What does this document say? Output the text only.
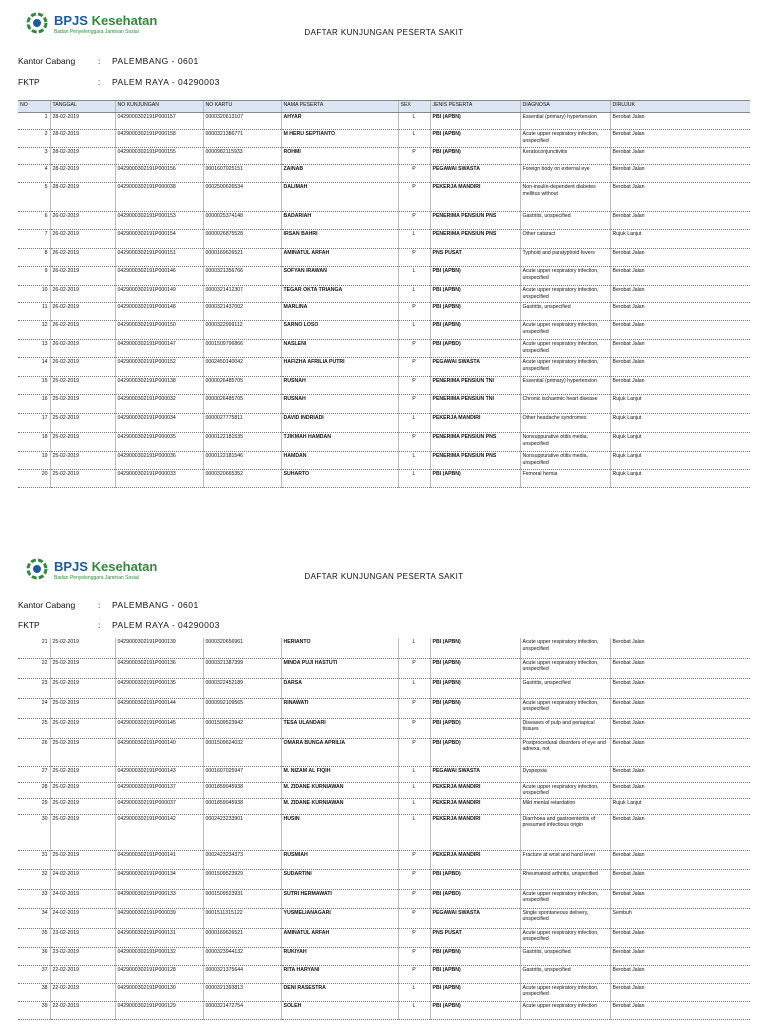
BPJS Kesehatan
Badan Penyelenggara Jaminan Sosial	DAFTAR KUNJUNGAN PESERTA SAKIT
Kantor Cabang	: PALEMBANG - 0601
FKTP	: PALEM RAYA - 04290003
NO	TANGGAL	NO KUNJUNGAN	NO KARTU	NAMA PESERTA	SEX	JENIS PESERTA	DIAGNOSA	DIRUJUK
1	28-02-2019	0429000302191P000157	0000320613107	AHYAR	L	PBI (APBN)	Essential (primary) hypertension	Berobat Jalan
2	28-02-2019	0429000302191P000158	0000321386771	M HERU SEPTIANTO	L	PBI (APBN)	Acute upper respiratory infection, unspecified	Berobat Jalan
3	28-02-2019	0429000302191P000155	0000982115933	ROHMI	P	PBI (APBN)	Keratoconjunctivitis	Berobat Jalan
4	28-02-2019	0429000302191P000156	0001607025151	ZAINAB	P	PEGAWAI SWASTA	Foreign body on external eye	Berobat Jalan
5	28-02-2019	0429000302191P000038	0002500626534	DALIMAH	P	PEKERJA MANDIRI	Non-insulin-dependent diabetes mellitus without	Berobat Jalan
6	26-02-2019	0429000302191P000153	0000025374148	BADARIAH	P	PENERIMA PENSIUN PNS	Gastritis, unspecified	Berobat Jalan
7	26-02-2019	0429000302191P000154	0000026875528	IRSAN BAHRI	L	PENERIMA PENSIUN PNS	Other cataract	Rujuk Lanjut
8	26-02-2019	0429000302191P000151	0000169626521	AMINATUL ARFAH	P	PNS PUSAT	Typhoid and paratyphoid fevers	Berobat Jalan
9	26-02-2019	0429000302191P000146	0000321356766	SOFYAN IRAWAN	L	PBI (APBN)	Acute upper respiratory infection, unspecified	Berobat Jalan
10	26-02-2019	0429000302191P000149	0000321412307	TEGAR OKTA TRIANGA	L	PBI (APBN)	Acute upper respiratory infection, unspecified	Berobat Jalan
11	26-02-2019	0429000302191P000148	0000321437002	MARLINA	P	PBI (APBN)	Gastritis, unspecified	Berobat Jalan
12	26-02-2019	0429000302191P000150	0000322999112	SARNO LOSO	L	PBI (APBN)	Acute upper respiratory infection, unspecified	Berobat Jalan
13	26-02-2019	0429000302191P000147	0001509796866	NASLENI	P	PBI (APBD)	Acute upper respiratory infection, unspecified	Berobat Jalan
14	26-02-2019	0429000302191P000152	0002450140042	HAFIZHA AFRILIA PUTRI	P	PEGAWAI SWASTA	Acute upper respiratory infection, unspecified	Berobat Jalan
15	25-02-2019	0429000302191P000138	0000026485705	RUSNAH	P	PENERIMA PENSIUN TNI	Essential (primary) hypertension	Berobat Jalan
16	25-02-2019	0429000302191P000032	0000026485705	RUSNAH	P	PENERIMA PENSIUN TNI	Chronic ischaemic heart disease	Rujuk Lanjut
17	25-02-2019	0429000302191P000034	0000027775811	DAVID INDRIADI	L	PEKERJA MANDIRI	Other headache syndromes	Rujuk Lanjut
18	25-02-2019	0429000302191P000035	0000122181535	TJIKMAH HAMDAN	P	PENERIMA PENSIUN PNS	Nonsuppurative otitis media, unspecified	Rujuk Lanjut
19	25-02-2019	0429000302191P000036	0000122181546	HAMDAN	L	PENERIMA PENSIUN PNS	Nonsuppurative otitis media, unspecified	Rujuk Lanjut
20	25-02-2019	0429000302191P000033	0000320665352	SUHARTO	L	PBI (APBN)	Femoral hernia	Rujuk Lanjut
BPJS Kesehatan
Badan Penyelenggara Jaminan Sosial	DAFTAR KUNJUNGAN PESERTA SAKIT
Kantor Cabang	: PALEMBANG - 0601
FKTP	: PALEM RAYA - 04290003
21	25-02-2019	0429000302191P000139	0000320656961	HERIANTO	L	PBI (APBN)	Acute upper respiratory infection, unspecified	Berobat Jalan
22	25-02-2019	0429000302191P000136	0000321387399	MINDA PUJI HASTUTI	P	PBI (APBN)	Acute upper respiratory infection, unspecified	Berobat Jalan
23	25-02-2019	0429000302191P000135	0000322452189	DARSA	L	PBI (APBN)	Gastritis, unspecified	Berobat Jalan
24	25-02-2019	0429000302191P000144	0000992109565	RINAWATI	P	PBI (APBN)	Acute upper respiratory infection, unspecified	Berobat Jalan
25	25-02-2019	0429000302191P000145	0001509523942	TESA ULANDARI	P	PBI (APBD)	Diseases of pulp and periapical tissues	Berobat Jalan
26	25-02-2019	0429000302191P000140	0001509624032	OMARA BUNGA APRILIA	P	PBI (APBD)	Postprocedural disorders of eye and adnexa, not	Berobat Jalan
27	25-02-2019	0429000302191P000143	0001607025947	M. NIZAM AL FIQIH	L	PEGAWAI SWASTA	Dyspepsia	Berobat Jalan
28	25-02-2019	0429000302191P000137	0001859045938	M. ZIDANE KURNIAWAN	L	PEKERJA MANDIRI	Acute upper respiratory infection, unspecified	Berobat Jalan
29	25-02-2019	0429000302191P000037	0001859045938	M. ZIDANE KURNIAWAN	L	PEKERJA MANDIRI	Mild mental retardation	Rujuk Lanjut
30	25-02-2019	0429000302191P000142	0002423233901	HUSIN	L	PEKERJA MANDIRI	Diarrhoea and gastroenteritis of presumed infectious origin	Berobat Jalan
31	25-02-2019	0429000302191P000141	0002423234373	RUSMIAH	P	PEKERJA MANDIRI	Fracture at wrist and hand level	Berobat Jalan
32	24-02-2019	0429000302191P000134	0001509523929	SUDARTINI	P	PBI (APBD)	Rheumatoid arthritis, unspecified	Berobat Jalan
33	24-02-2019	0429000302191P000133	0001509523931	SUTRI HERMAWATI	P	PBI (APBD)	Acute upper respiratory infection, unspecified	Berobat Jalan
34	24-02-2019	0429000302191P000039	0001511315122	YUSMELIANAGARI	P	PEGAWAI SWASTA	Single spontaneous delivery, unspecified	Sembuh
35	23-02-2019	0429000302191P000131	0000169626521	AMINATUL ARFAH	P	PNS PUSAT	Acute upper respiratory infection, unspecified	Berobat Jalan
36	23-02-2019	0429000302191P000132	0000323944132	RUKIYAH	P	PBI (APBN)	Gastritis, unspecified	Berobat Jalan
37	22-02-2019	0429000302191P000128	0000321375644	RITA HARYANI	P	PBI (APBN)	Gastritis, unspecified	Berobat Jalan
38	22-02-2019	0429000302191P000130	0000321393813	DENI RASESTRA	L	PBI (APBN)	Acute upper respiratory infection, unspecified	Berobat Jalan
39	22-02-2019	0429000302191P000129	0000321472754	SOLEH	L	PBI (APBN)	Acute upper respiratory infection	Berobat Jalan
